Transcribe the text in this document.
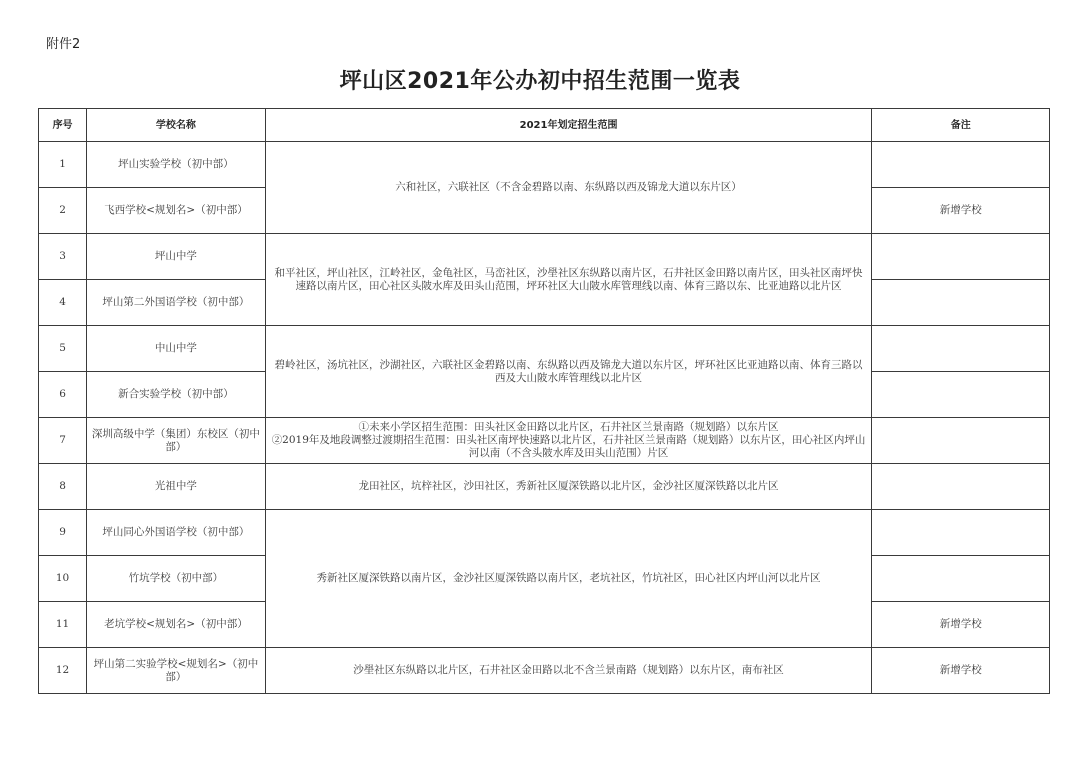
附件2
坪山区2021年公办初中招生范围一览表
序号	学校名称	2021年划定招生范围	备注
1	坪山实验学校（初中部）	六和社区，六联社区（不含金碧路以南、东纵路以西及锦龙大道以东片区）	
2	飞西学校<规划名>（初中部）		新增学校
3	坪山中学	和平社区，坪山社区，江岭社区，金龟社区，马峦社区，沙壆社区东纵路以南片区，石井社区金田路以南片区，田头社区南坪快速路以南片区，田心社区头陂水库及田头山范围，坪环社区大山陂水库管理线以南、体育三路以东、比亚迪路以北片区	
4	坪山第二外国语学校（初中部）		
5	中山中学	碧岭社区，汤坑社区，沙湖社区，六联社区金碧路以南、东纵路以西及锦龙大道以东片区，坪环社区比亚迪路以南、体育三路以西及大山陂水库管理线以北片区	
6	新合实验学校（初中部）		
7	深圳高级中学（集团）东校区（初中部）	①未来小学区招生范围：田头社区金田路以北片区，石井社区兰景南路（规划路）以东片区
②2019年及地段调整过渡期招生范围：田头社区南坪快速路以北片区，石井社区兰景南路（规划路）以东片区，田心社区内坪山河以南（不含头陂水库及田头山范围）片区	

8	光祖中学	龙田社区，坑梓社区，沙田社区，秀新社区厦深铁路以北片区，金沙社区厦深铁路以北片区	
9	坪山同心外国语学校（初中部）	秀新社区厦深铁路以南片区，金沙社区厦深铁路以南片区，老坑社区，竹坑社区，田心社区内坪山河以北片区	
10	竹坑学校（初中部）		
11	老坑学校<规划名>（初中部）		新增学校
12	坪山第二实验学校<规划名>（初中部）	沙壆社区东纵路以北片区，石井社区金田路以北不含兰景南路（规划路）以东片区，南布社区	新增学校
